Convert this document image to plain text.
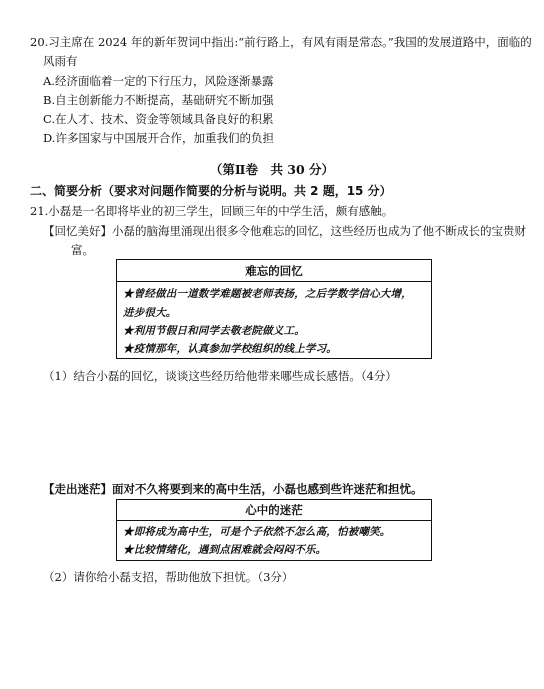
20.习主席在 2024 年的新年贺词中指出:“前行路上，有风有雨是常态。”我国的发展道路中，面临的
风雨有
A.经济面临着一定的下行压力，风险逐渐暴露
B.自主创新能力不断提高，基础研究不断加强
C.在人才、技术、资金等领域具备良好的积累
D.许多国家与中国展开合作，加重我们的负担
（第Ⅱ卷　共 30 分）
二、简要分析（要求对问题作简要的分析与说明。共 2 题，15 分）
21.小磊是一名即将毕业的初三学生，回顾三年的中学生活，颇有感触。
【回忆美好】小磊的脑海里涌现出很多令他难忘的回忆，这些经历也成为了他不断成长的宝贵财
富。
难忘的回忆
★曾经做出一道数学难题被老师表扬，之后学数学信心大增，
进步很大。
★利用节假日和同学去敬老院做义工。
★疫情那年，认真参加学校组织的线上学习。
（1）结合小磊的回忆，谈谈这些经历给他带来哪些成长感悟。（4分）
【走出迷茫】面对不久将要到来的高中生活，小磊也感到些许迷茫和担忧。
心中的迷茫
★即将成为高中生，可是个子依然不怎么高，怕被嘲笑。
★比较情绪化，遇到点困难就会闷闷不乐。
（2）请你给小磊支招，帮助他放下担忧。（3分）
